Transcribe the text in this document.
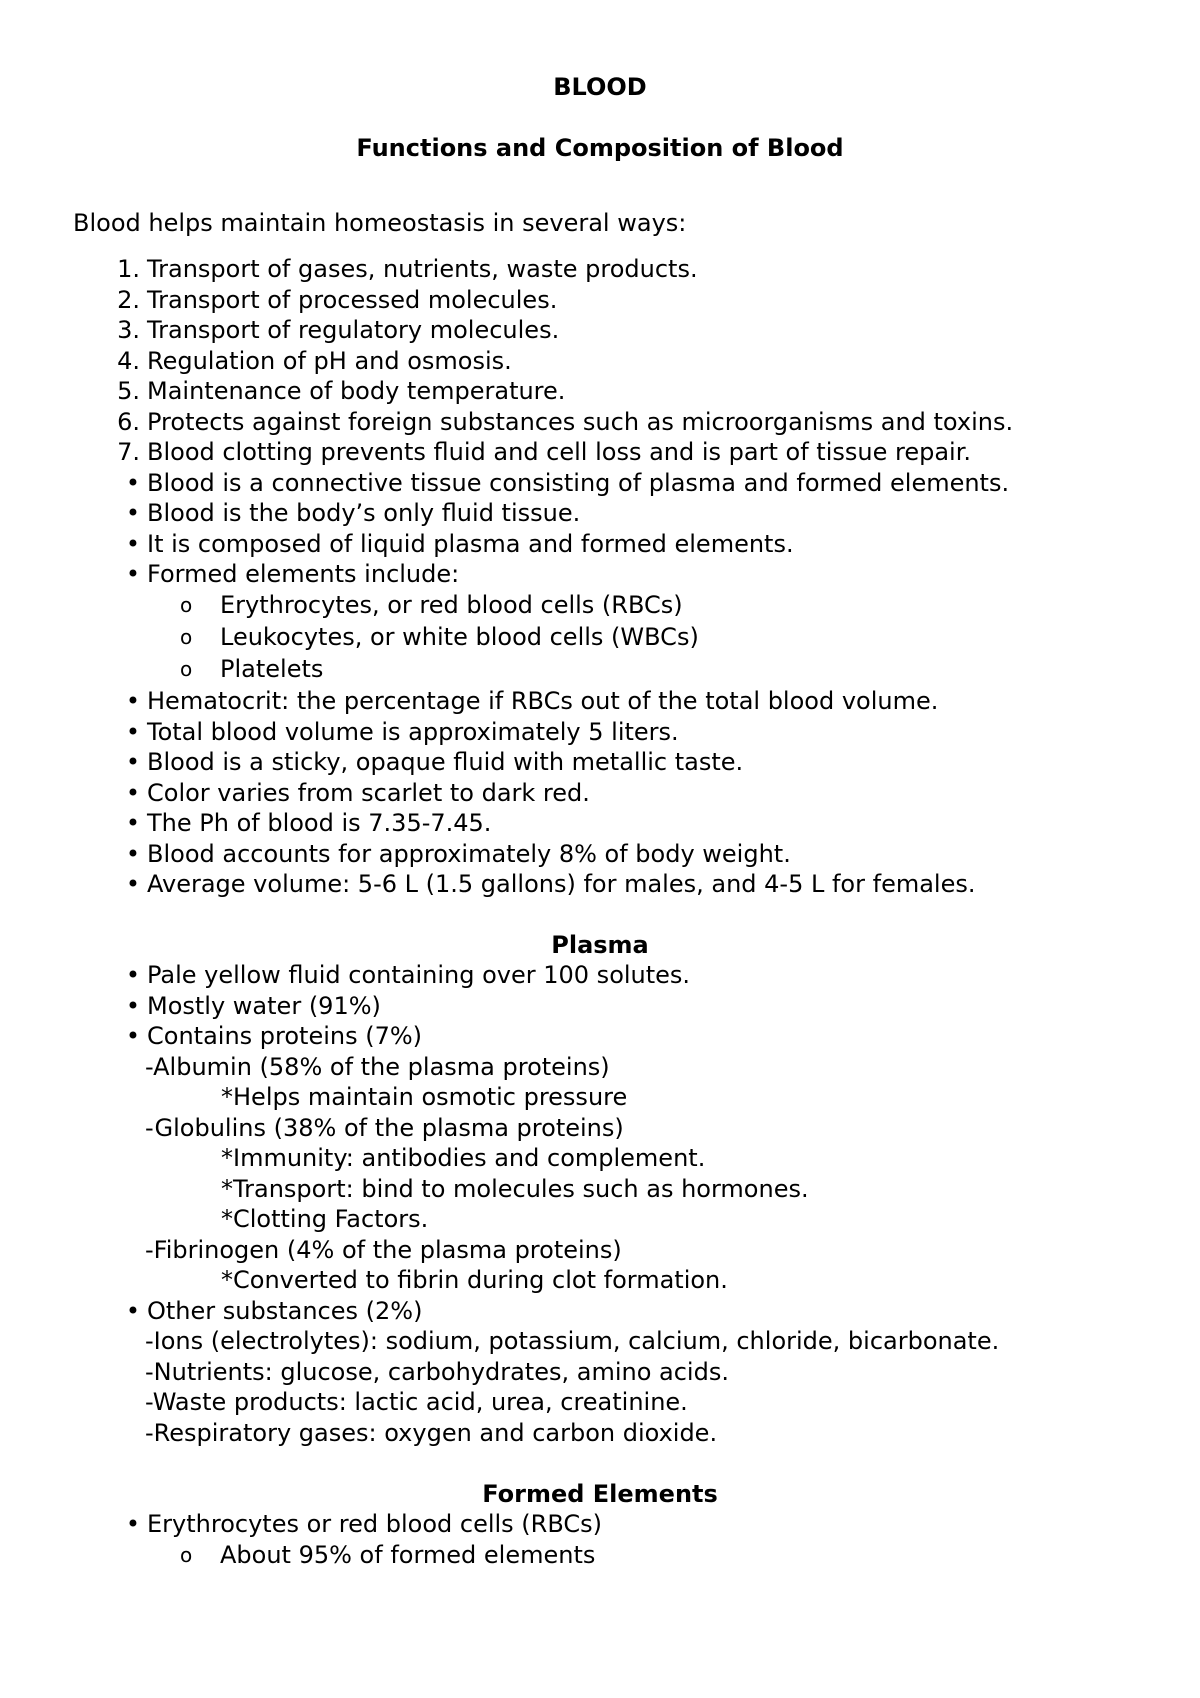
BLOOD
Functions and Composition of Blood
Blood helps maintain homeostasis in several ways:
1. Transport of gases, nutrients, waste products.
2. Transport of processed molecules.
3. Transport of regulatory molecules.
4. Regulation of pH and osmosis.
5. Maintenance of body temperature.
6. Protects against foreign substances such as microorganisms and toxins.
7. Blood clotting prevents fluid and cell loss and is part of tissue repair.
• Blood is a connective tissue consisting of plasma and formed elements.
• Blood is the body’s only fluid tissue.
• It is composed of liquid plasma and formed elements.
• Formed elements include:
o	Erythrocytes, or red blood cells (RBCs)
o	Leukocytes, or white blood cells (WBCs)
o	Platelets
• Hematocrit: the percentage if RBCs out of the total blood volume.
• Total blood volume is approximately 5 liters.
• Blood is a sticky, opaque fluid with metallic taste.
• Color varies from scarlet to dark red.
• The Ph of blood is 7.35-7.45.
• Blood accounts for approximately 8% of body weight.
• Average volume: 5-6 L (1.5 gallons) for males, and 4-5 L for females.
Plasma
• Pale yellow fluid containing over 100 solutes.
• Mostly water (91%)
• Contains proteins (7%)
-Albumin (58% of the plasma proteins)
*Helps maintain osmotic pressure
-Globulins (38% of the plasma proteins)
*Immunity: antibodies and complement.
*Transport: bind to molecules such as hormones.
*Clotting Factors.
-Fibrinogen (4% of the plasma proteins)
*Converted to fibrin during clot formation.
• Other substances (2%)
-Ions (electrolytes): sodium, potassium, calcium, chloride, bicarbonate.
-Nutrients: glucose, carbohydrates, amino acids.
-Waste products: lactic acid, urea, creatinine.
-Respiratory gases: oxygen and carbon dioxide.
Formed Elements
• Erythrocytes or red blood cells (RBCs)
o	About 95% of formed elements
